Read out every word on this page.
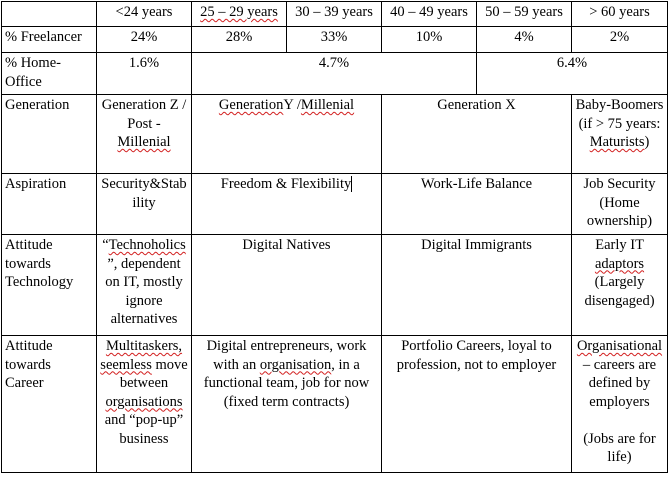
	<24 years	25 – 29 years	30 – 39 years	40 – 49 years	50 – 59 years	> 60 years
% Freelancer	24%	28%	33%	10%	4%	2%
% Home-Office	1.6%	4.7%			6.4%	
Generation	Generation Z / Post - Millenial	GenerationY /Millenial		Generation X		Baby-Boomers (if > 75 years: Maturists)
Aspiration	Security&Stability	Freedom & Flexibility		Work-Life Balance		Job Security (Home ownership)
Attitude towards Technology	“Technoholics”, dependent on IT, mostly ignore alternatives	Digital Natives		Digital Immigrants		Early IT adaptors (Largely disengaged)
Attitude towards Career	Multitaskers, seemless move between organisations and “pop-up” business	Digital entrepreneurs, work with an organisation, in a functional team, job for now (fixed term contracts)		Portfolio Careers, loyal to profession, not to employer		Organisational – careers are defined by employers

(Jobs are for life)
